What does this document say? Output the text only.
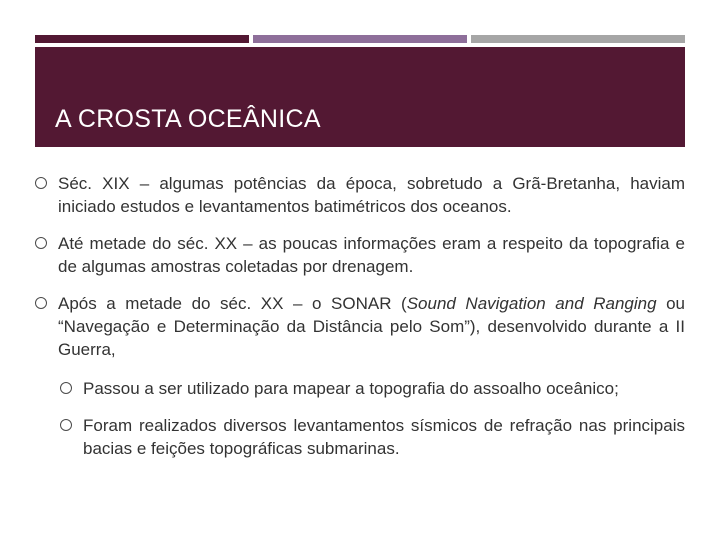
A CROSTA OCEÂNICA
Séc. XIX – algumas potências da época, sobretudo a Grã-Bretanha, haviam iniciado estudos e levantamentos batimétricos dos oceanos.
Até metade do séc. XX – as poucas informações eram a respeito da topografia e de algumas amostras coletadas por drenagem.
Após a metade do séc. XX – o SONAR (Sound Navigation and Ranging ou “Navegação e Determinação da Distância pelo Som”), desenvolvido durante a II Guerra,
Passou a ser utilizado para mapear a topografia do assoalho oceânico;
Foram realizados diversos levantamentos sísmicos de refração nas principais bacias e feições topográficas submarinas.
